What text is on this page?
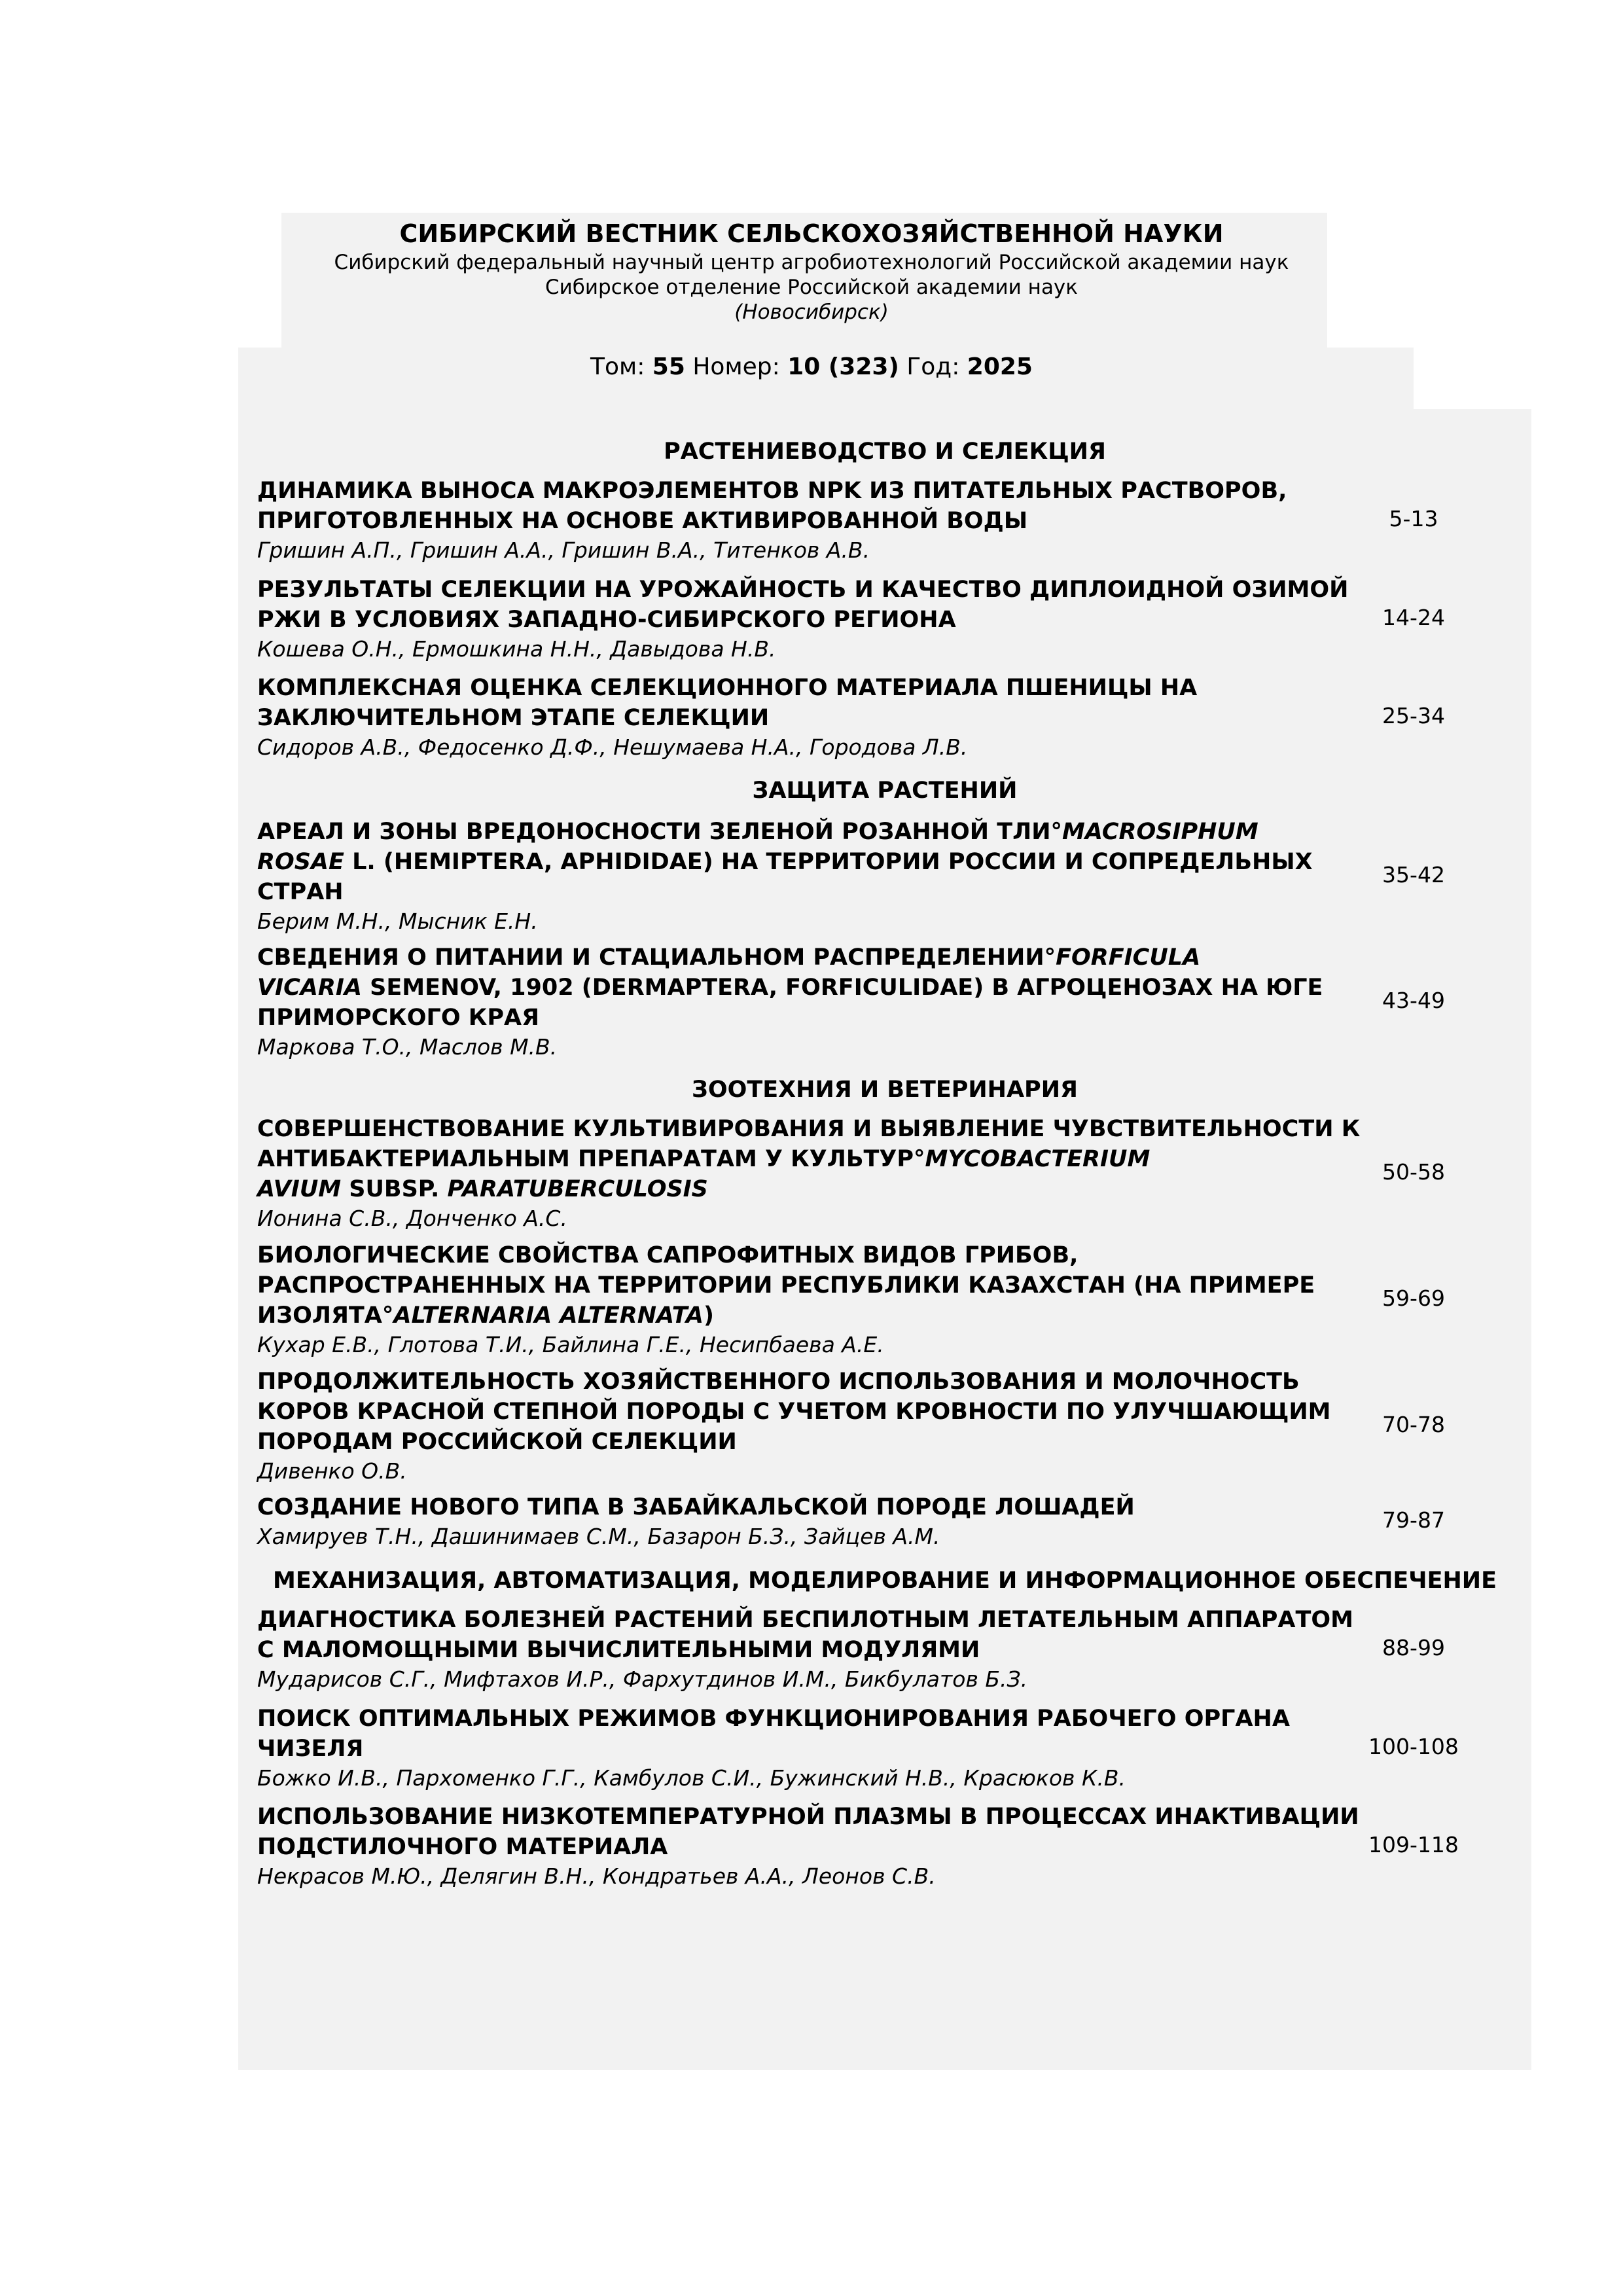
СИБИРСКИЙ ВЕСТНИК СЕЛЬСКОХОЗЯЙСТВЕННОЙ НАУКИ
Сибирский федеральный научный центр агробиотехнологий Российской академии наук
Сибирское отделение Российской академии наук
(Новосибирск)
Том: 55 Номер: 10 (323) Год: 2025
РАСТЕНИЕВОДСТВО И СЕЛЕКЦИЯ
ДИНАМИКА ВЫНОСА МАКРОЭЛЕМЕНТОВ NPK ИЗ ПИТАТЕЛЬНЫХ РАСТВОРОВ,
ПРИГОТОВЛЕННЫХ НА ОСНОВЕ АКТИВИРОВАННОЙ ВОДЫ
Гришин А.П., Гришин А.А., Гришин В.А., Титенков А.В.
5-13
РЕЗУЛЬТАТЫ СЕЛЕКЦИИ НА УРОЖАЙНОСТЬ И КАЧЕСТВО ДИПЛОИДНОЙ ОЗИМОЙ
РЖИ В УСЛОВИЯХ ЗАПАДНО-СИБИРСКОГО РЕГИОНА
Кошева О.Н., Ермошкина Н.Н., Давыдова Н.В.
14-24
КОМПЛЕКСНАЯ ОЦЕНКА СЕЛЕКЦИОННОГО МАТЕРИАЛА ПШЕНИЦЫ НА
ЗАКЛЮЧИТЕЛЬНОМ ЭТАПЕ СЕЛЕКЦИИ
Сидоров А.В., Федосенко Д.Ф., Нешумаева Н.А., Городова Л.В.
25-34
ЗАЩИТА РАСТЕНИЙ
АРЕАЛ И ЗОНЫ ВРЕДОНОСНОСТИ ЗЕЛЕНОЙ РОЗАННОЙ ТЛИ°MACROSIPHUM
ROSAE L. (HEMIPTERA, APHIDIDAE) НА ТЕРРИТОРИИ РОССИИ И СОПРЕДЕЛЬНЫХ
СТРАН
Берим М.Н., Мысник Е.Н.
35-42
СВЕДЕНИЯ О ПИТАНИИ И СТАЦИАЛЬНОМ РАСПРЕДЕЛЕНИИ°FORFICULA
VICARIA SEMENOV, 1902 (DERMAPTERA, FORFICULIDAE) В АГРОЦЕНОЗАХ НА ЮГЕ
ПРИМОРСКОГО КРАЯ
Маркова Т.О., Маслов М.В.
43-49
ЗООТЕХНИЯ И ВЕТЕРИНАРИЯ
СОВЕРШЕНСТВОВАНИЕ КУЛЬТИВИРОВАНИЯ И ВЫЯВЛЕНИЕ ЧУВСТВИТЕЛЬНОСТИ К
АНТИБАКТЕРИАЛЬНЫМ ПРЕПАРАТАМ У КУЛЬТУР°MYCOBACTERIUM
AVIUM SUBSP. PARATUBERCULOSIS
Ионина С.В., Донченко А.С.
50-58
БИОЛОГИЧЕСКИЕ СВОЙСТВА САПРОФИТНЫХ ВИДОВ ГРИБОВ,
РАСПРОСТРАНЕННЫХ НА ТЕРРИТОРИИ РЕСПУБЛИКИ КАЗАХСТАН (НА ПРИМЕРЕ
ИЗОЛЯТА°ALTERNARIA ALTERNATA)
Кухар Е.В., Глотова Т.И., Байлина Г.Е., Несипбаева А.Е.
59-69
ПРОДОЛЖИТЕЛЬНОСТЬ ХОЗЯЙСТВЕННОГО ИСПОЛЬЗОВАНИЯ И МОЛОЧНОСТЬ
КОРОВ КРАСНОЙ СТЕПНОЙ ПОРОДЫ С УЧЕТОМ КРОВНОСТИ ПО УЛУЧШАЮЩИМ
ПОРОДАМ РОССИЙСКОЙ СЕЛЕКЦИИ
Дивенко О.В.
70-78
СОЗДАНИЕ НОВОГО ТИПА В ЗАБАЙКАЛЬСКОЙ ПОРОДЕ ЛОШАДЕЙ
Хамируев Т.Н., Дашинимаев С.М., Базарон Б.З., Зайцев А.М.
79-87
МЕХАНИЗАЦИЯ, АВТОМАТИЗАЦИЯ, МОДЕЛИРОВАНИЕ И ИНФОРМАЦИОННОЕ ОБЕСПЕЧЕНИЕ
ДИАГНОСТИКА БОЛЕЗНЕЙ РАСТЕНИЙ БЕСПИЛОТНЫМ ЛЕТАТЕЛЬНЫМ АППАРАТОМ
С МАЛОМОЩНЫМИ ВЫЧИСЛИТЕЛЬНЫМИ МОДУЛЯМИ
Мударисов С.Г., Мифтахов И.Р., Фархутдинов И.М., Бикбулатов Б.З.
88-99
ПОИСК ОПТИМАЛЬНЫХ РЕЖИМОВ ФУНКЦИОНИРОВАНИЯ РАБОЧЕГО ОРГАНА
ЧИЗЕЛЯ
Божко И.В., Пархоменко Г.Г., Камбулов С.И., Бужинский Н.В., Красюков К.В.
100-108
ИСПОЛЬЗОВАНИЕ НИЗКОТЕМПЕРАТУРНОЙ ПЛАЗМЫ В ПРОЦЕССАХ ИНАКТИВАЦИИ
ПОДСТИЛОЧНОГО МАТЕРИАЛА
Некрасов М.Ю., Делягин В.Н., Кондратьев А.А., Леонов С.В.
109-118
